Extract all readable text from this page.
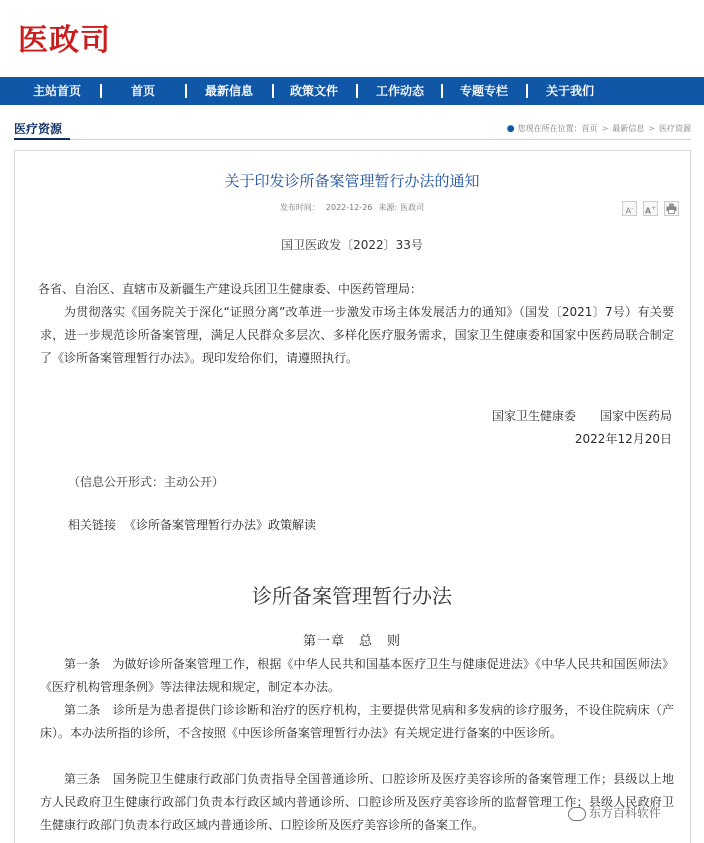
医政司
主站首页	首页	最新信息	政策文件	工作动态	专题专栏	关于我们
医疗资源	● 您现在所在位置：首页 > 最新信息 > 医疗资源
关于印发诊所备案管理暂行办法的通知
发布时间： 2022-12-26 来源: 医政司	A-	A+
国卫医政发〔2022〕33号
各省、自治区、直辖市及新疆生产建设兵团卫生健康委、中医药管理局：
为贯彻落实《国务院关于深化“证照分离”改革进一步激发市场主体发展活力的通知》（国发〔2021〕7号）有关要求，进一步规范诊所备案管理，满足人民群众多层次、多样化医疗服务需求，国家卫生健康委和国家中医药局联合制定了《诊所备案管理暂行办法》。现印发给你们，请遵照执行。
国家卫生健康委　　国家中医药局
2022年12月20日
（信息公开形式：主动公开）
相关链接 《诊所备案管理暂行办法》政策解读
诊所备案管理暂行办法
第一章　总　则
第一条　为做好诊所备案管理工作，根据《中华人民共和国基本医疗卫生与健康促进法》《中华人民共和国医师法》《医疗机构管理条例》等法律法规和规定，制定本办法。
第二条　诊所是为患者提供门诊诊断和治疗的医疗机构，主要提供常见病和多发病的诊疗服务，不设住院病床（产床）。本办法所指的诊所，不含按照《中医诊所备案管理暂行办法》有关规定进行备案的中医诊所。
第三条　国务院卫生健康行政部门负责指导全国普通诊所、口腔诊所及医疗美容诊所的备案管理工作；县级以上地方人民政府卫生健康行政部门负责本行政区域内普通诊所、口腔诊所及医疗美容诊所的监督管理工作；县级人民政府卫生健康行政部门负责本行政区域内普通诊所、口腔诊所及医疗美容诊所的备案工作。
东方百科软件
